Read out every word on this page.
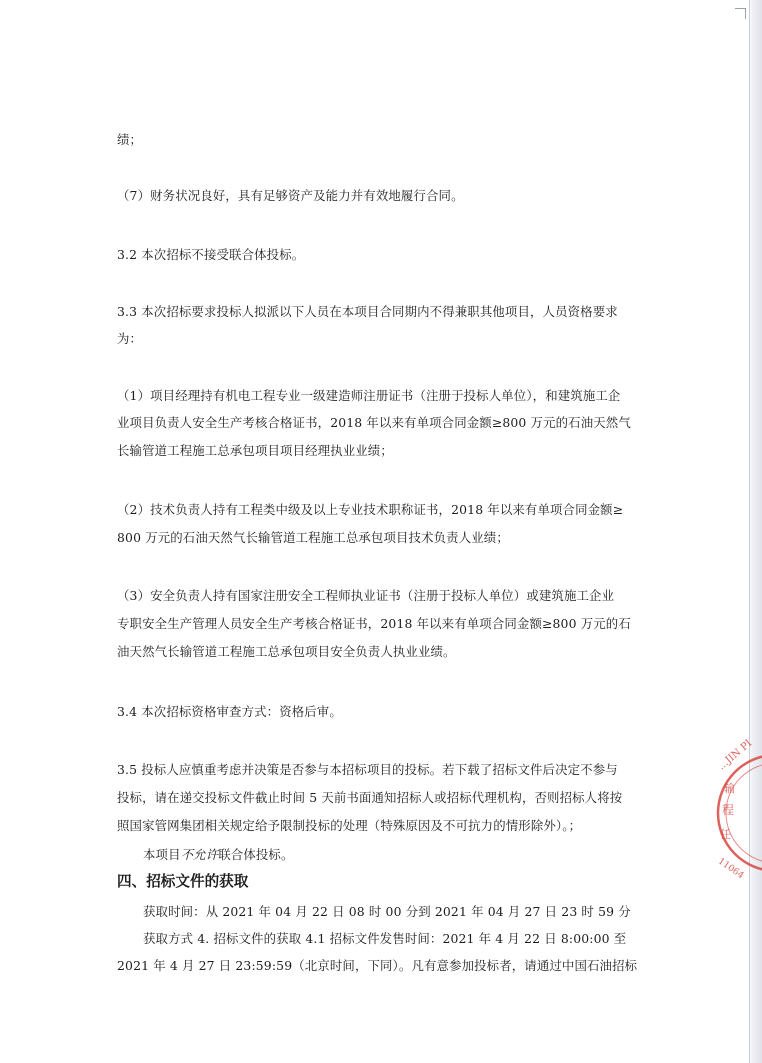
绩；
（7）财务状况良好，具有足够资产及能力并有效地履行合同。
3.2 本次招标不接受联合体投标。
3.3 本次招标要求投标人拟派以下人员在本项目合同期内不得兼职其他项目，人员资格要求
为：
（1）项目经理持有机电工程专业一级建造师注册证书（注册于投标人单位），和建筑施工企
业项目负责人安全生产考核合格证书，2018 年以来有单项合同金额≥800 万元的石油天然气
长输管道工程施工总承包项目项目经理执业业绩；
（2）技术负责人持有工程类中级及以上专业技术职称证书，2018 年以来有单项合同金额≥
800 万元的石油天然气长输管道工程施工总承包项目技术负责人业绩；
（3）安全负责人持有国家注册安全工程师执业证书（注册于投标人单位）或建筑施工企业
专职安全生产管理人员安全生产考核合格证书，2018 年以来有单项合同金额≥800 万元的石
油天然气长输管道工程施工总承包项目安全负责人执业业绩。
3.4 本次招标资格审查方式：资格后审。
3.5 投标人应慎重考虑并决策是否参与本招标项目的投标。若下载了招标文件后决定不参与
投标，请在递交投标文件截止时间 5 天前书面通知招标人或招标代理机构，否则招标人将按
照国家管网集团相关规定给予限制投标的处理（特殊原因及不可抗力的情形除外）。；
本项目不允许联合体投标。
四、招标文件的获取
获取时间：从 2021 年 04 月 22 日 08 时 00 分到 2021 年 04 月 27 日 23 时 59 分
获取方式 4. 招标文件的获取 4.1 招标文件发售时间：2021 年 4 月 22 日 8:00:00 至
2021 年 4 月 27 日 23:59:59（北京时间，下同）。凡有意参加投标者，请通过中国石油招标
...JIN PI
输
程
任
11064
